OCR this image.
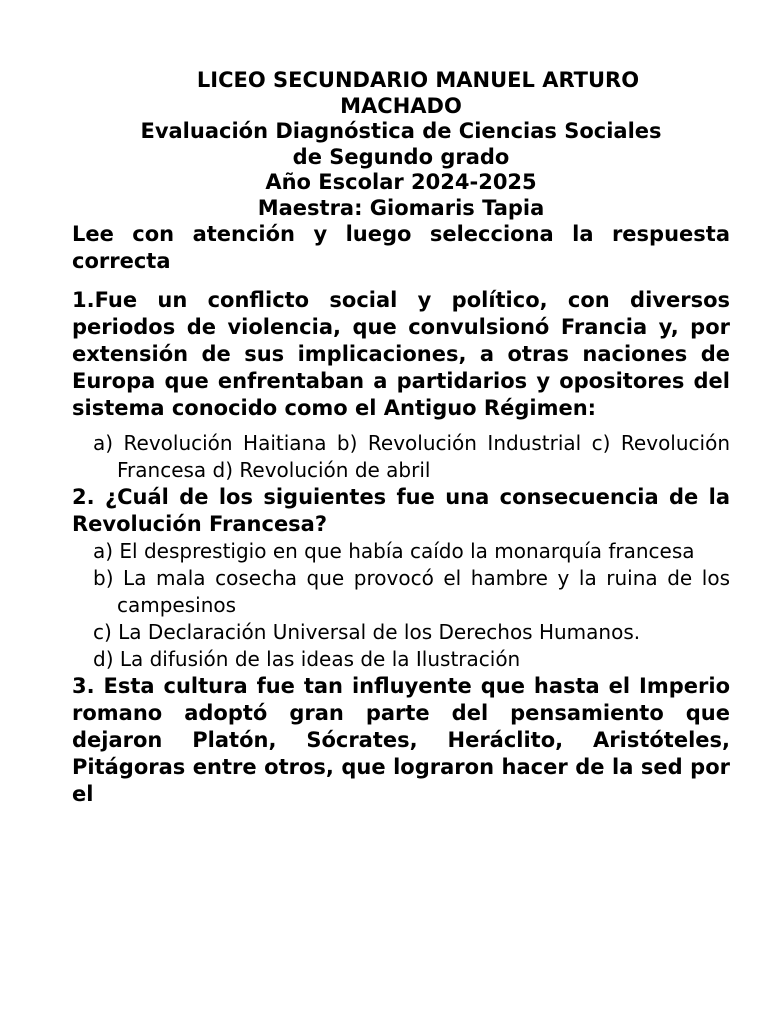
LICEO SECUNDARIO MANUEL ARTURO

MACHADO

Evaluación Diagnóstica de Ciencias Sociales

de Segundo grado

Año Escolar 2024-2025

Maestra: Giomaris Tapia

Lee con atención y luego selecciona la respuesta correcta

1.Fue un conflicto social y político, con diversos periodos de violencia, que convulsionó Francia y, por extensión de sus implicaciones, a otras naciones de Europa que enfrentaban a partidarios y opositores del sistema conocido como el Antiguo Régimen:

a) Revolución Haitiana b) Revolución Industrial c) Revolución Francesa d) Revolución de abril

2. ¿Cuál de los siguientes fue una consecuencia de la Revolución Francesa?

a) El desprestigio en que había caído la monarquía francesa
b) La mala cosecha que provocó el hambre y la ruina de los campesinos
c) La Declaración Universal de los Derechos Humanos.
d) La difusión de las ideas de la Ilustración

3. Esta cultura fue tan influyente que hasta el Imperio romano adoptó gran parte del pensamiento que dejaron Platón, Sócrates, Heráclito, Aristóteles, Pitágoras entre otros, que lograron hacer de la sed por el
